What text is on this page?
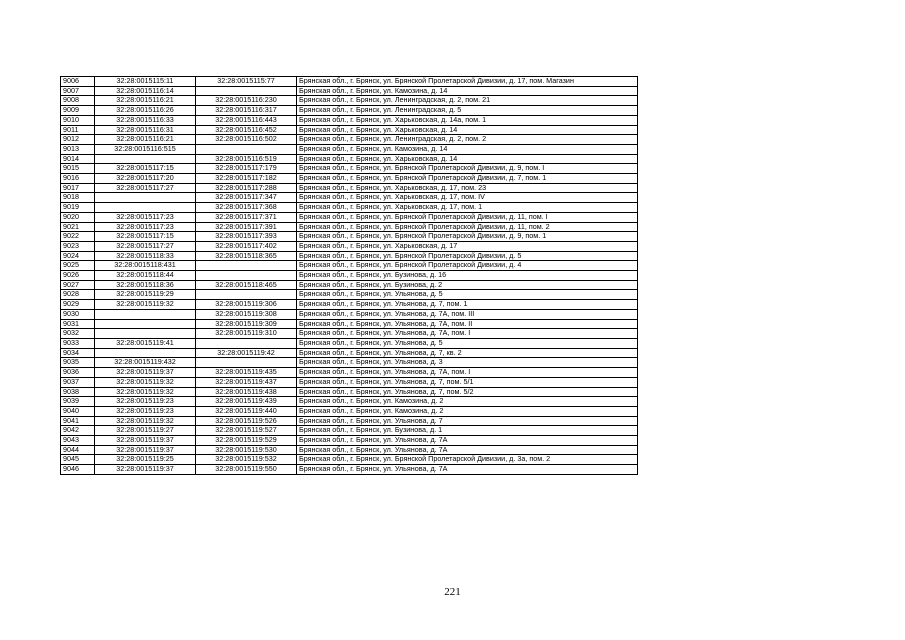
9006	32:28:0015115:11	32:28:0015115:77	Брянская обл., г. Брянск, ул. Брянской Пролетарской Дивизии, д. 17, пом. Магазин
9007	32:28:0015116:14		Брянская обл., г. Брянск, ул. Камозина, д. 14
9008	32:28:0015116:21	32:28:0015116:230	Брянская обл., г. Брянск, ул. Ленинградская, д. 2, пом. 21
9009	32:28:0015116:26	32:28:0015116:317	Брянская обл., г. Брянск, ул. Ленинградская, д. 5
9010	32:28:0015116:33	32:28:0015116:443	Брянская обл., г. Брянск, ул. Харьковская, д. 14а, пом. 1
9011	32:28:0015116:31	32:28:0015116:452	Брянская обл., г. Брянск, ул. Харьковская, д. 14
9012	32:28:0015116:21	32:28:0015116:502	Брянская обл., г. Брянск, ул. Ленинградская, д. 2, пом. 2
9013	32:28:0015116:515		Брянская обл., г. Брянск, ул. Камозина, д. 14
9014		32:28:0015116:519	Брянская обл., г. Брянск, ул. Харьковская, д. 14
9015	32:28:0015117:15	32:28:0015117:179	Брянская обл., г. Брянск, ул. Брянской Пролетарской Дивизии, д. 9, пом. I
9016	32:28:0015117:20	32:28:0015117:182	Брянская обл., г. Брянск, ул. Брянской Пролетарской Дивизии, д. 7, пом. 1
9017	32:28:0015117:27	32:28:0015117:288	Брянская обл., г. Брянск, ул. Харьковская, д. 17, пом. 23
9018		32:28:0015117:347	Брянская обл., г. Брянск, ул. Харьковская, д. 17, пом. IV
9019		32:28:0015117:368	Брянская обл., г. Брянск, ул. Харьковская, д. 17, пом. 1
9020	32:28:0015117:23	32:28:0015117:371	Брянская обл., г. Брянск, ул. Брянской Пролетарской Дивизии, д. 11, пом. I
9021	32:28:0015117:23	32:28:0015117:391	Брянская обл., г. Брянск, ул. Брянской Пролетарской Дивизии, д. 11, пом. 2
9022	32:28:0015117:15	32:28:0015117:393	Брянская обл., г. Брянск, ул. Брянской Пролетарской Дивизии, д. 9, пом. 1
9023	32:28:0015117:27	32:28:0015117:402	Брянская обл., г. Брянск, ул. Харьковская, д. 17
9024	32:28:0015118:33	32:28:0015118:365	Брянская обл., г. Брянск, ул. Брянской Пролетарской Дивизии, д. 5
9025	32:28:0015118:431		Брянская обл., г. Брянск, ул. Брянской Пролетарской Дивизии, д. 4
9026	32:28:0015118:44		Брянская обл., г. Брянск, ул. Бузинова, д. 16
9027	32:28:0015118:36	32:28:0015118:465	Брянская обл., г. Брянск, ул. Бузинова, д. 2
9028	32:28:0015119:29		Брянская обл., г. Брянск, ул. Ульянова, д. 5
9029	32:28:0015119:32	32:28:0015119:306	Брянская обл., г. Брянск, ул. Ульянова, д. 7, пом. 1
9030		32:28:0015119:308	Брянская обл., г. Брянск, ул. Ульянова, д. 7А, пом. III
9031		32:28:0015119:309	Брянская обл., г. Брянск, ул. Ульянова, д. 7А, пом. II
9032		32:28:0015119:310	Брянская обл., г. Брянск, ул. Ульянова, д. 7А, пом. I
9033	32:28:0015119:41		Брянская обл., г. Брянск, ул. Ульянова, д. 5
9034		32:28:0015119:42	Брянская обл., г. Брянск, ул. Ульянова, д. 7, кв. 2
9035	32:28:0015119:432		Брянская обл., г. Брянск, ул. Ульянова, д. 3
9036	32:28:0015119:37	32:28:0015119:435	Брянская обл., г. Брянск, ул. Ульянова, д. 7А, пом. I
9037	32:28:0015119:32	32:28:0015119:437	Брянская обл., г. Брянск, ул. Ульянова, д. 7, пом. 5/1
9038	32:28:0015119:32	32:28:0015119:438	Брянская обл., г. Брянск, ул. Ульянова, д. 7, пом. 5/2
9039	32:28:0015119:23	32:28:0015119:439	Брянская обл., г. Брянск, ул. Камозина, д. 2
9040	32:28:0015119:23	32:28:0015119:440	Брянская обл., г. Брянск, ул. Камозина, д. 2
9041	32:28:0015119:32	32:28:0015119:526	Брянская обл., г. Брянск, ул. Ульянова, д. 7
9042	32:28:0015119:27	32:28:0015119:527	Брянская обл., г. Брянск, ул. Бузинова, д. 1
9043	32:28:0015119:37	32:28:0015119:529	Брянская обл., г. Брянск, ул. Ульянова, д. 7А
9044	32:28:0015119:37	32:28:0015119:530	Брянская обл., г. Брянск, ул. Ульянова, д. 7А
9045	32:28:0015119:25	32:28:0015119:532	Брянская обл., г. Брянск, ул. Брянской Пролетарской Дивизии, д. 3а, пом. 2
9046	32:28:0015119:37	32:28:0015119:550	Брянская обл., г. Брянск, ул. Ульянова, д. 7А
221
